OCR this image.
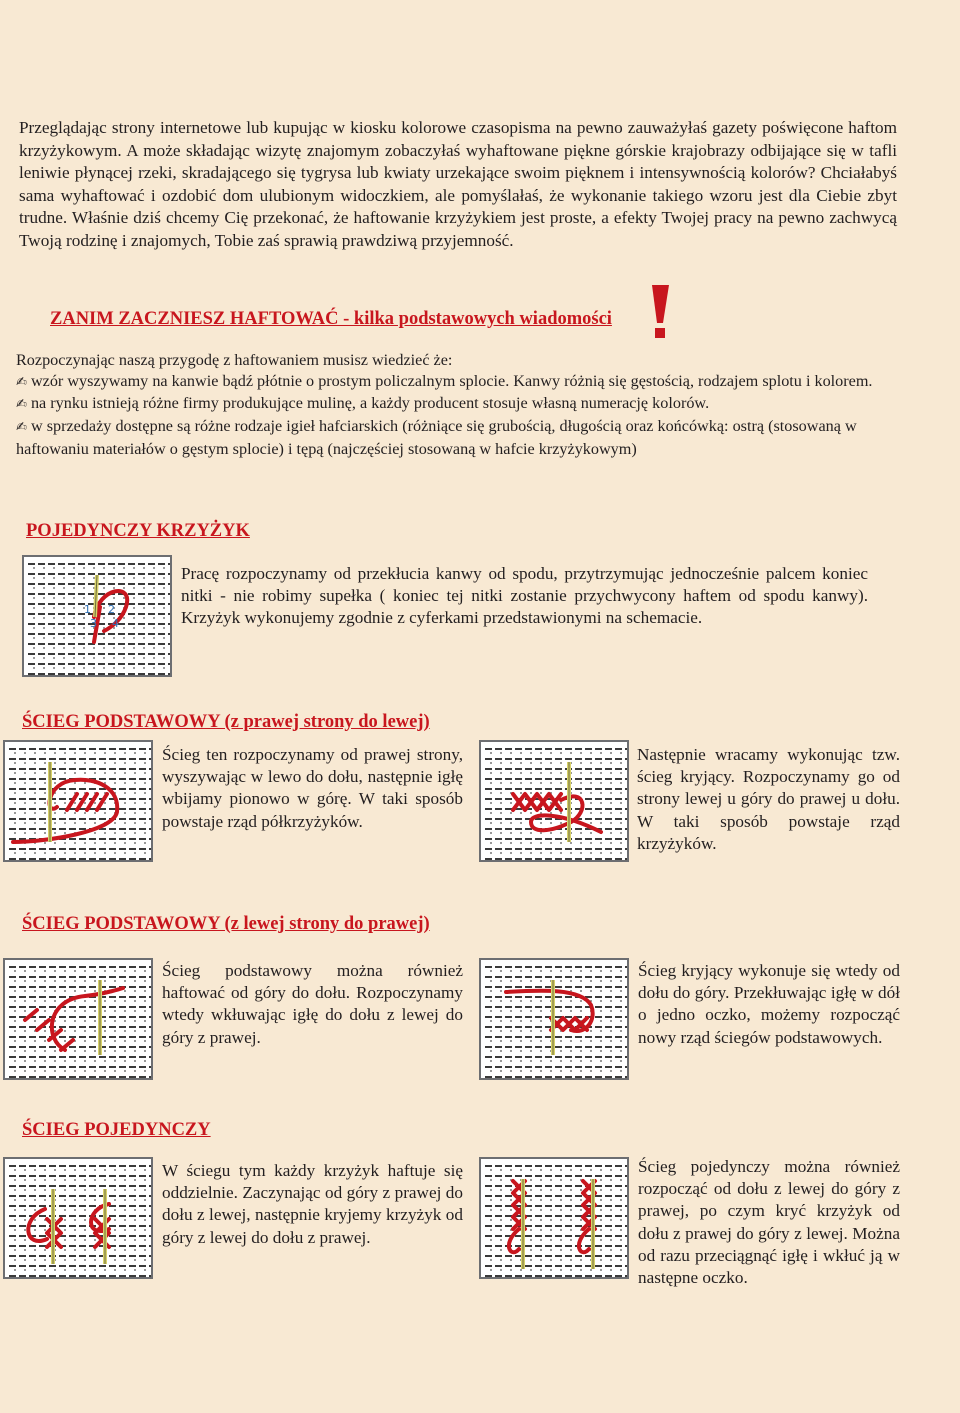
Przeglądając strony internetowe lub kupując w kiosku kolorowe czasopisma na pewno zauważyłaś gazety poświęcone haftom krzyżykowym. A może składając wizytę znajomym zobaczyłaś wyhaftowane piękne górskie krajobrazy odbijające się w tafli leniwie płynącej rzeki, skradającego się tygrysa lub kwiaty urzekające swoim pięknem i intensywnością kolorów? Chciałabyś sama wyhaftować i ozdobić dom ulubionym widoczkiem, ale pomyślałaś, że wykonanie takiego wzoru jest dla Ciebie zbyt trudne. Właśnie dziś chcemy Cię przekonać, że haftowanie krzyżykiem jest proste, a efekty Twojej pracy na pewno zachwycą Twoją rodzinę i znajomych, Tobie zaś sprawią prawdziwą przyjemność.

ZANIM ZACZNIESZ HAFTOWAĆ - kilka podstawowych wiadomości

Rozpoczynając naszą przygodę z haftowaniem musisz wiedzieć że:

✍ wzór wyszywamy na kanwie bądź płótnie o prostym policzalnym splocie. Kanwy różnią się gęstością, rodzajem splotu i kolorem.

✍ na rynku istnieją różne firmy produkujące mulinę, a każdy producent stosuje własną numerację kolorów.

✍ w sprzedaży dostępne są różne rodzaje igieł hafciarskich (różniące się grubością, długością oraz końcówką: ostrą (stosowaną w haftowaniu materiałów o gęstym splocie) i tępą (najczęściej stosowaną w hafcie krzyżykowym)

POJEDYNCZY KRZYŻYK
1 2
3 4

Pracę rozpoczynamy od przekłucia kanwy od spodu, przytrzymując jednocześnie palcem koniec nitki - nie robimy supełka ( koniec tej nitki zostanie przychwycony haftem od spodu kanwy). Krzyżyk wykonujemy zgodnie z cyferkami przedstawionymi na schemacie.

ŚCIEG PODSTAWOWY (z prawej strony do lewej)

Ścieg ten rozpoczynamy od prawej strony, wyszywając w lewo do dołu, następnie igłę wbijamy pionowo w górę. W taki sposób powstaje rząd półkrzyżyków.

Następnie wracamy wykonując tzw. ścieg kryjący. Rozpoczynamy go od strony lewej u góry do prawej u dołu. W taki sposób powstaje rząd krzyżyków.

ŚCIEG PODSTAWOWY (z lewej strony do prawej)

Ścieg podstawowy można również haftować od góry do dołu. Rozpoczynamy wtedy wkłuwając igłę do dołu z lewej do góry z prawej.

Ścieg kryjący wykonuje się wtedy od dołu do góry. Przekłuwając igłę w dół o jedno oczko, możemy rozpocząć nowy rząd ściegów podstawowych.

ŚCIEG POJEDYNCZY

W ściegu tym każdy krzyżyk haftuje się oddzielnie. Zaczynając od góry z prawej do dołu z lewej, następnie kryjemy krzyżyk od góry z lewej do dołu z prawej.

Ścieg pojedynczy można również rozpocząć od dołu z lewej do góry z prawej, po czym kryć krzyżyk od dołu z prawej do góry z lewej. Można od razu przeciągnąć igłę i wkłuć ją w następne oczko.
